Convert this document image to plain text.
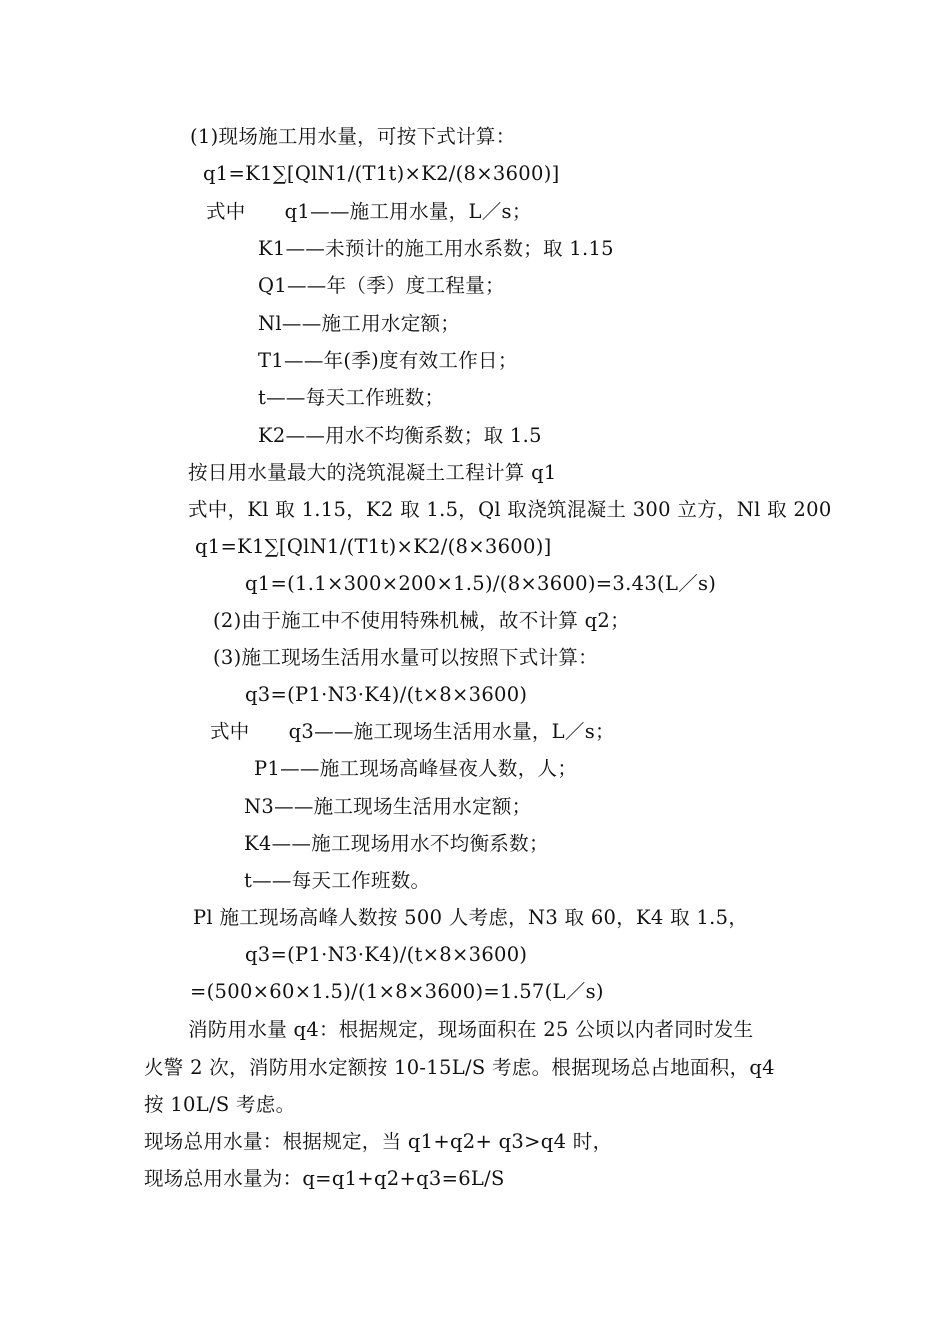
(1)现场施工用水量，可按下式计算：
q1=K1∑[QlN1/(T1t)×K2/(8×3600)]
式中      q1——施工用水量，L／s；
K1——未预计的施工用水系数；取 1.15
Q1——年（季）度工程量；
Nl——施工用水定额；
T1——年(季)度有效工作日；
t——每天工作班数；
K2——用水不均衡系数；取 1.5
按日用水量最大的浇筑混凝土工程计算 q1
式中，Kl 取 1.15，K2 取 1.5，Ql 取浇筑混凝土 300 立方，Nl 取 200
q1=K1∑[QlN1/(T1t)×K2/(8×3600)]
q1=(1.1×300×200×1.5)/(8×3600)=3.43(L／s)
(2)由于施工中不使用特殊机械，故不计算 q2；
(3)施工现场生活用水量可以按照下式计算：
q3=(P1·N3·K4)/(t×8×3600)
式中      q3——施工现场生活用水量，L／s；
P1——施工现场高峰昼夜人数，人；
N3——施工现场生活用水定额；
K4——施工现场用水不均衡系数；
t——每天工作班数。
Pl 施工现场高峰人数按 500 人考虑，N3 取 60，K4 取 1.5，
q3=(P1·N3·K4)/(t×8×3600)
=(500×60×1.5)/(1×8×3600)=1.57(L／s)
消防用水量 q4：根据规定，现场面积在 25 公顷以内者同时发生
火警 2 次，消防用水定额按 10-15L/S 考虑。根据现场总占地面积，q4
按 10L/S 考虑。
现场总用水量：根据规定，当 q1+q2+ q3>q4 时，
现场总用水量为：q=q1+q2+q3=6L/S
